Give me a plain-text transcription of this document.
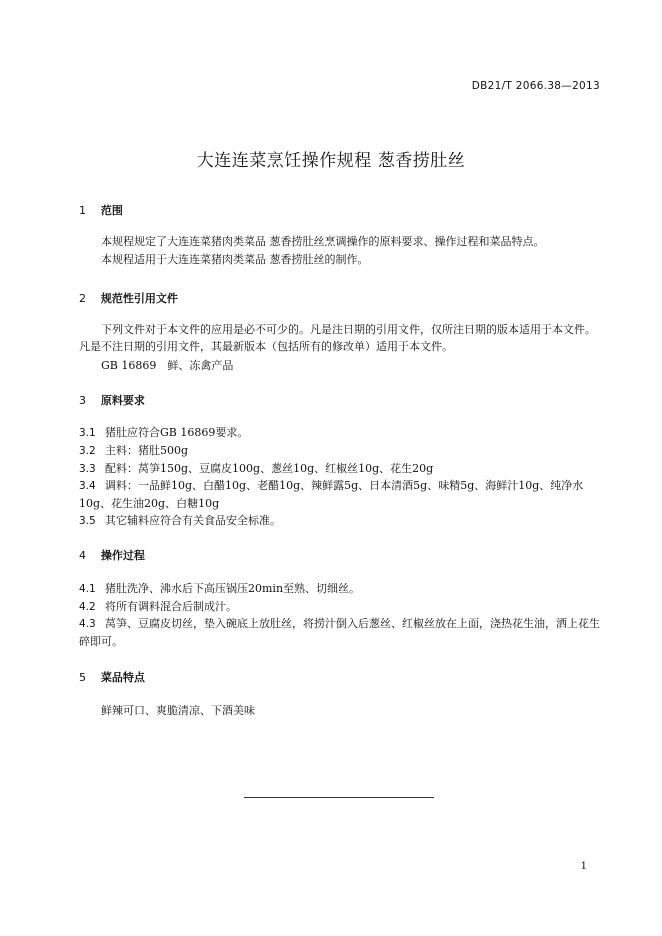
DB21/T 2066.38—2013
大连连菜烹饪操作规程 葱香捞肚丝
1 范围
本规程规定了大连连菜猪肉类菜品 葱香捞肚丝烹调操作的原料要求、操作过程和菜品特点。
本规程适用于大连连菜猪肉类菜品 葱香捞肚丝的制作。
2 规范性引用文件
下列文件对于本文件的应用是必不可少的。凡是注日期的引用文件，仅所注日期的版本适用于本文件。凡是不注日期的引用文件，其最新版本（包括所有的修改单）适用于本文件。
GB 16869　鲜、冻禽产品
3 原料要求
3.1 猪肚应符合GB 16869要求。
3.2 主料：猪肚500g
3.3 配料：莴笋150g、豆腐皮100g、葱丝10g、红椒丝10g、花生20g
3.4 调料：一品鲜10g、白醋10g、老醋10g、辣鲜露5g、日本清酒5g、味精5g、海鲜汁10g、纯净水10g、花生油20g、白糖10g
3.5 其它辅料应符合有关食品安全标准。
4 操作过程
4.1 猪肚洗净、沸水后下高压锅压20min至熟、切细丝。
4.2 将所有调料混合后制成汁。
4.3 莴笋、豆腐皮切丝，垫入碗底上放肚丝，将捞汁倒入后葱丝、红椒丝放在上面，浇热花生油，洒上花生碎即可。
5 菜品特点
鲜辣可口、爽脆清凉、下酒美味
1
